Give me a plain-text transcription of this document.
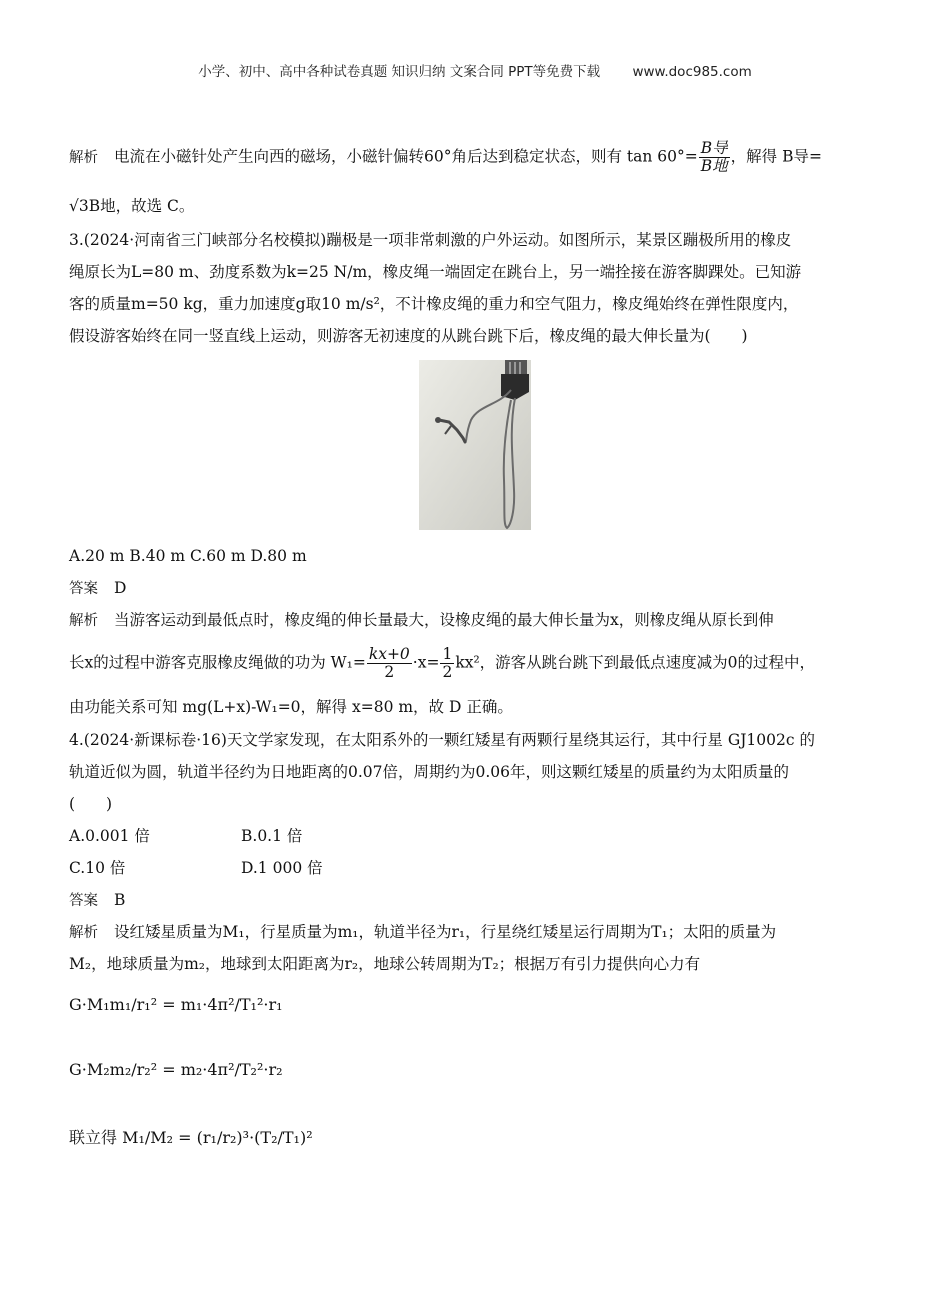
小学、初中、高中各种试卷真题 知识归纳 文案合同 PPT等免费下载 www.doc985.com
解析 电流在小磁针处产生向西的磁场，小磁针偏转60°角后达到稳定状态，则有 $\tan 60^\circ= \frac{\text{B导}}{\text{B地}}$ ，解得 B导=
√3B地，故选 C。
3.(2024·河南省三门峡部分名校模拟)蹦极是一项非常刺激的户外运动。如图所示，某景区蹦极所用的橡皮
绳原长为L=80 m、劲度系数为k=25 N/m，橡皮绳一端固定在跳台上，另一端拴接在游客脚踝处。已知游
客的质量m=50 kg，重力加速度g取10 m/s²，不计橡皮绳的重力和空气阻力，橡皮绳始终在弹性限度内，
假设游客始终在同一竖直线上运动，则游客无初速度的从跳台跳下后，橡皮绳的最大伸长量为(　　)
A.20 m B.40 m C.60 m D.80 m
答案 D
解析 当游客运动到最低点时，橡皮绳的伸长量最大，设橡皮绳的最大伸长量为x，则橡皮绳从原长到伸
长x的过程中游客克服橡皮绳做的功为 $W_1= \frac{kx+0}{2} \cdot x= \frac{1}{2} kx^2$，游客从跳台跳下到最低点速度减为0的过程中，
由功能关系可知 mg(L+x)-W₁=0，解得 x=80 m，故 D 正确。
4.(2024·新课标卷·16)天文学家发现，在太阳系外的一颗红矮星有两颗行星绕其运行，其中行星 GJ1002c 的
轨道近似为圆，轨道半径约为日地距离的0.07倍，周期约为0.06年，则这颗红矮星的质量约为太阳质量的
(　　)
A.0.001 倍	B.0.1 倍
C.10 倍	D.1 000 倍
答案 B
解析 设红矮星质量为M₁，行星质量为m₁，轨道半径为r₁，行星绕红矮星运行周期为T₁；太阳的质量为
M₂，地球质量为m₂，地球到太阳距离为r₂，地球公转周期为T₂；根据万有引力提供向心力有
G·M₁m₁/r₁² = m₁·4π²/T₁²·r₁
G·M₂m₂/r₂² = m₂·4π²/T₂²·r₂
联立得 M₁/M₂ = (r₁/r₂)³·(T₂/T₁)²
